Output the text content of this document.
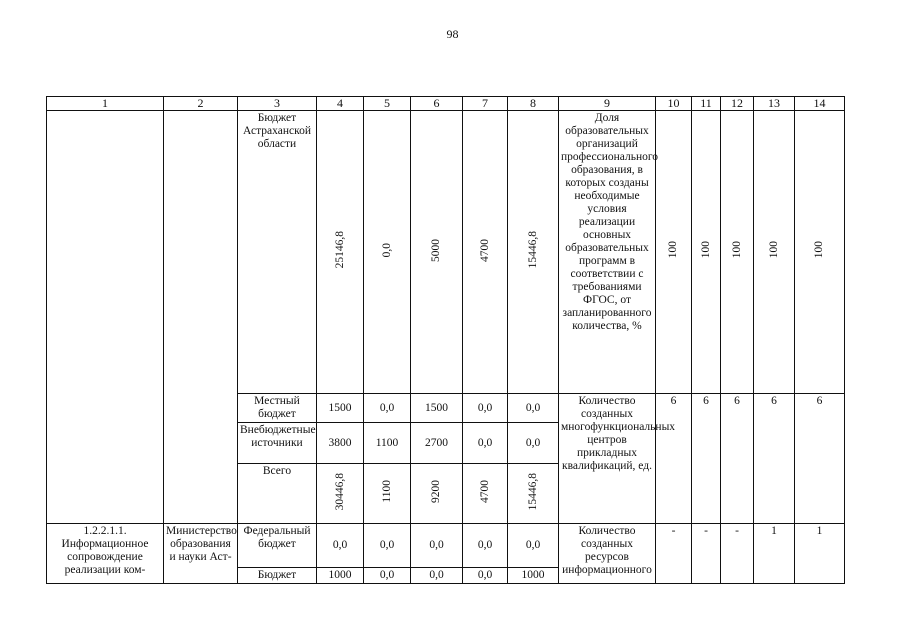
98
1	2	3	4	5	6	7	8	9	10	11	12	13	14
		Бюджет Астраханской области	25146,8	0,0	5000	4700	15446,8	Доля образовательных организаций профессионального образования, в которых созданы необходимые условия реализации основных образовательных программ в соответствии с требованиями ФГОС, от запланированного количества, %	100	100	100	100	100
		Местный бюджет	1500	0,0	1500	0,0	0,0	Количество созданных многофункциональных центров прикладных квалификаций, ед.	6	6	6	6	6
		Внебюджетные источники	3800	1100	2700	0,0	0,0						
		Всего	30446,8	1100	9200	4700	15446,8						
1.2.2.1.1. Информационное сопровождение реализации ком-	Министерство образования и науки Аст-	Федеральный бюджет	0,0	0,0	0,0	0,0	0,0	Количество созданных ресурсов информационного	-	-	-	1	1
		Бюджет	1000	0,0	0,0	0,0	1000						
